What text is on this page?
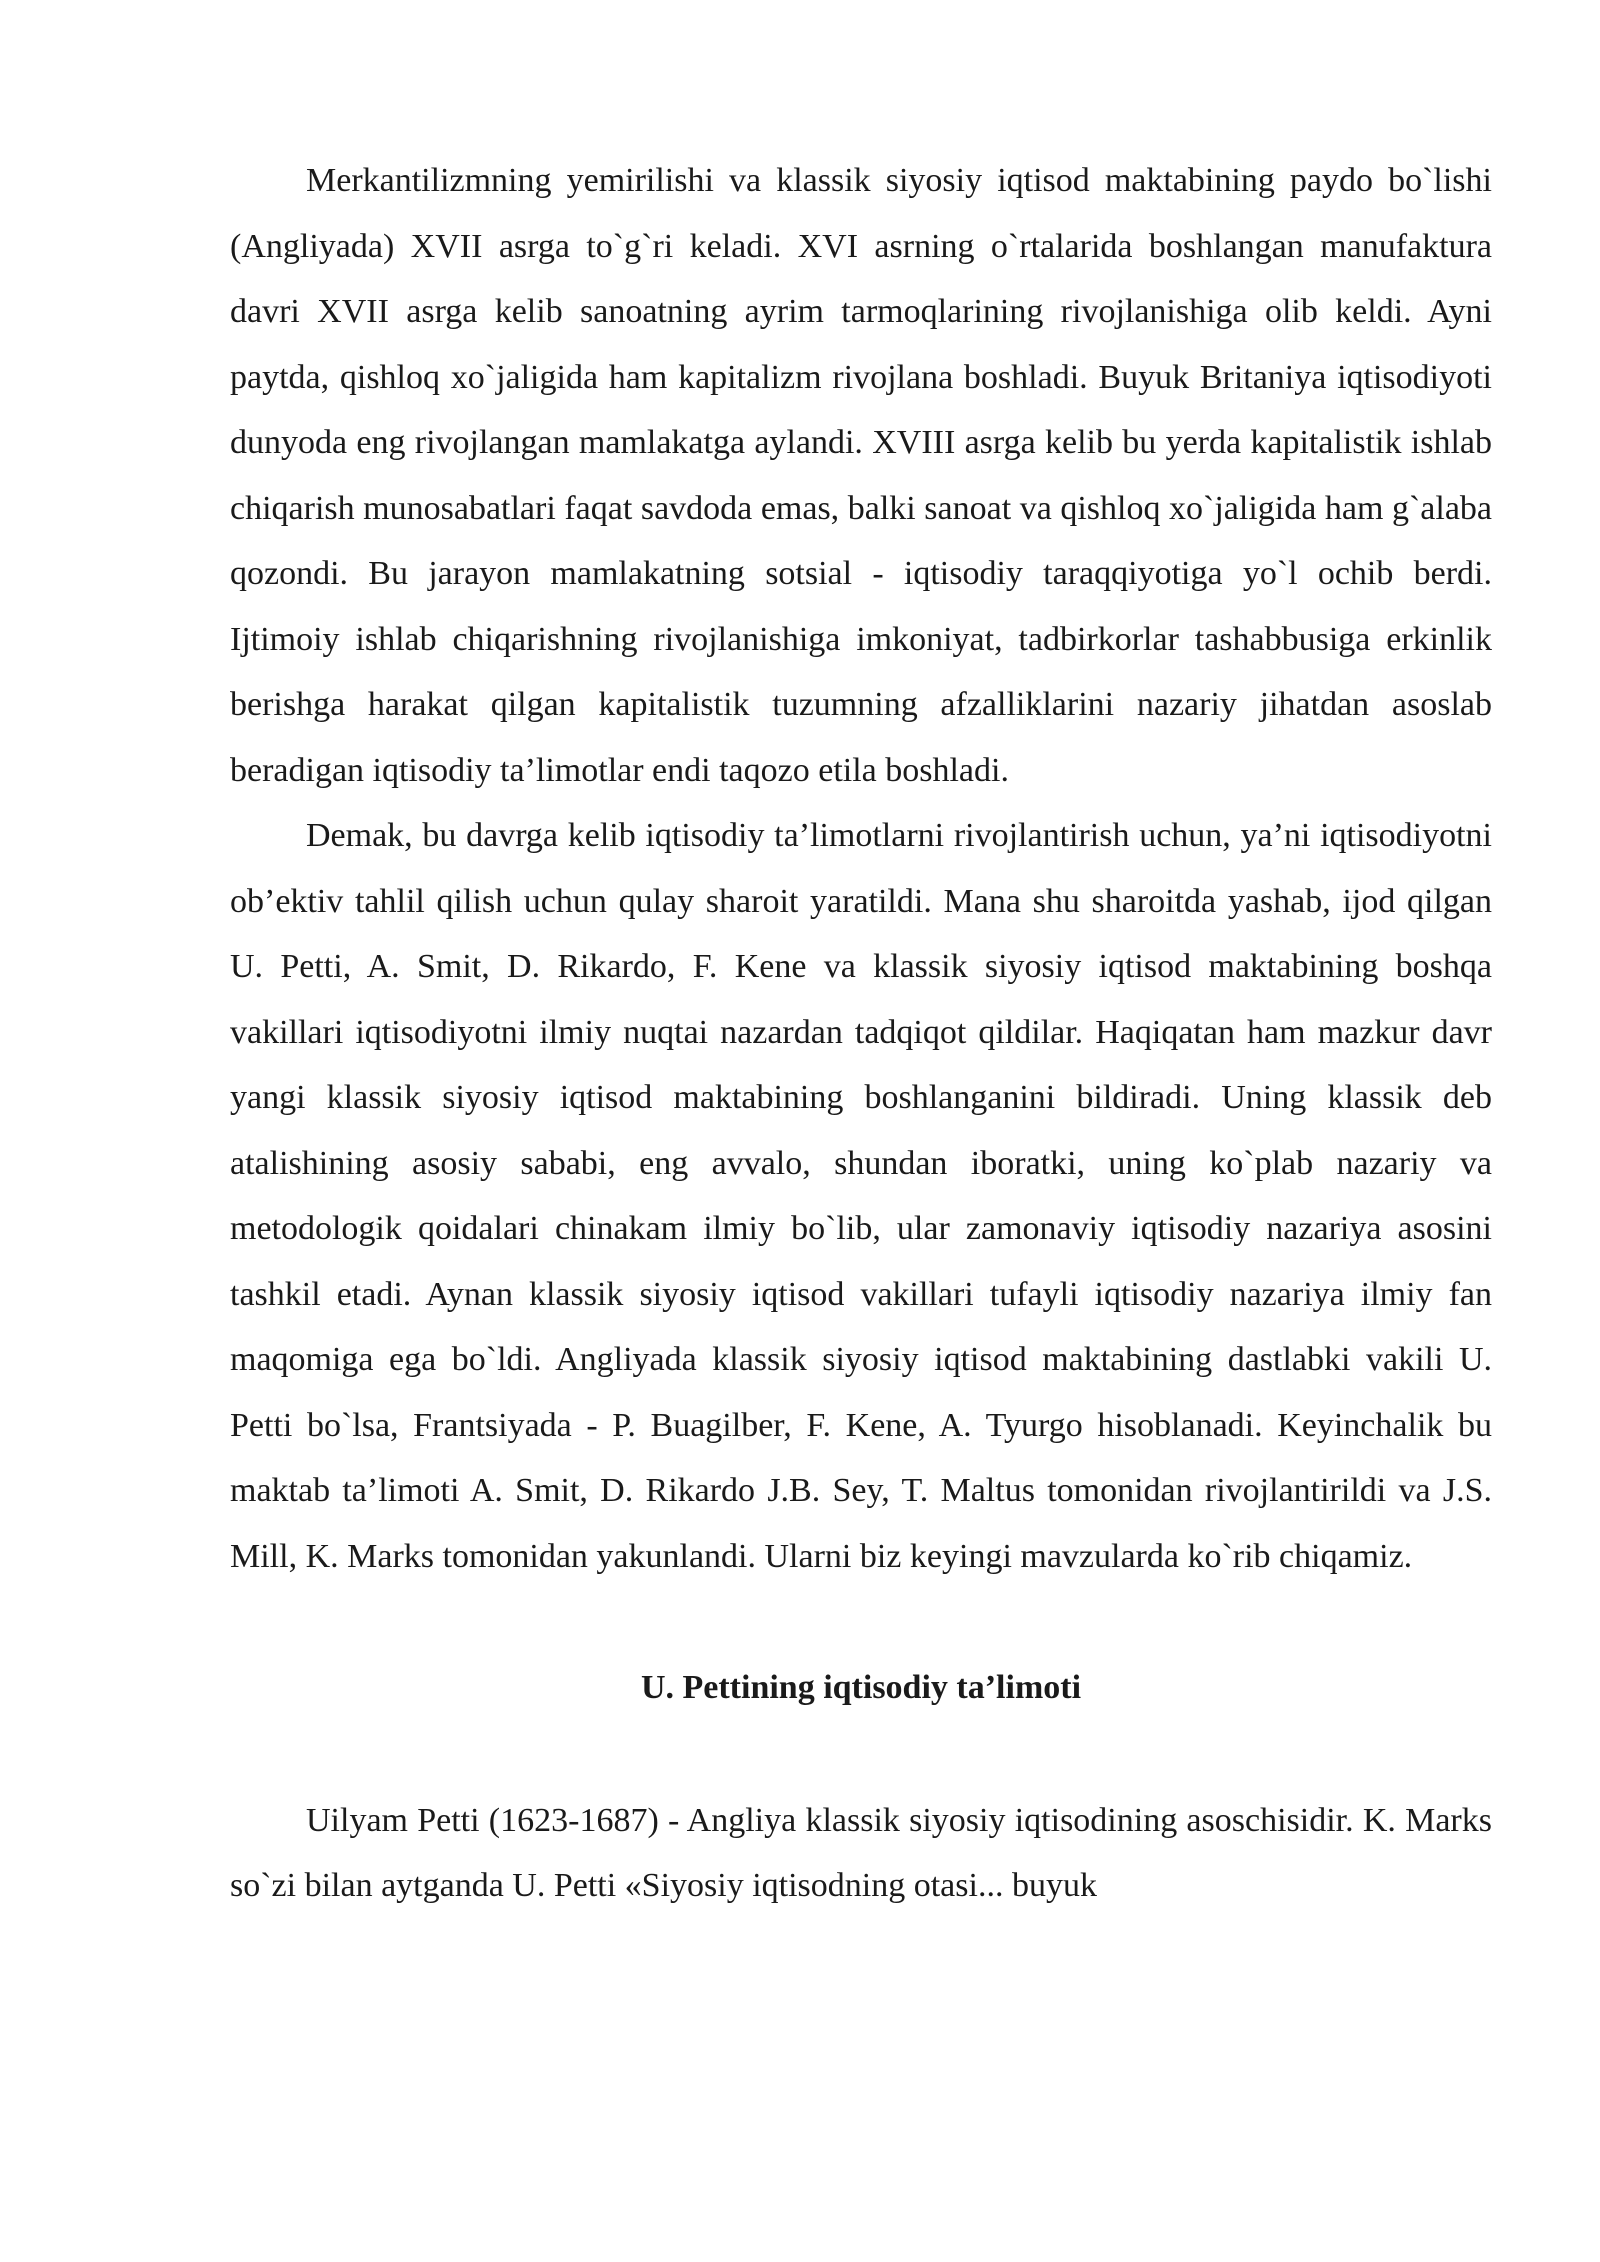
Merkantilizmning yemirilishi va klassik siyosiy iqtisod maktabining paydo bo`lishi (Angliyada) XVII asrga to`g`ri keladi. XVI asrning o`rtalarida boshlangan manufaktura davri XVII asrga kelib sanoatning ayrim tarmoqlarining rivojlanishiga olib keldi. Ayni paytda, qishloq xo`jaligida ham kapitalizm rivojlana boshladi. Buyuk Britaniya iqtisodiyoti dunyoda eng rivojlangan mamlakatga aylandi. XVIII asrga kelib bu yerda kapitalistik ishlab chiqarish munosabatlari faqat savdoda emas, balki sanoat va qishloq xo`jaligida ham g`alaba qozondi. Bu jarayon mamlakatning sotsial - iqtisodiy taraqqiyotiga yo`l ochib berdi. Ijtimoiy ishlab chiqarishning rivojlanishiga imkoniyat, tadbirkorlar tashabbusiga erkinlik berishga harakat qilgan kapitalistik tuzumning afzalliklarini nazariy jihatdan asoslab beradigan iqtisodiy ta’limotlar endi taqozo etila boshladi.

Demak, bu davrga kelib iqtisodiy ta’limotlarni rivojlantirish uchun, ya’ni iqtisodiyotni ob’ektiv tahlil qilish uchun qulay sharoit yaratildi. Mana shu sharoitda yashab, ijod qilgan U. Petti, A. Smit, D. Rikardo, F. Kene va klassik siyosiy iqtisod maktabining boshqa vakillari iqtisodiyotni ilmiy nuqtai nazardan tadqiqot qildilar. Haqiqatan ham mazkur davr yangi klassik siyosiy iqtisod maktabining boshlanganini bildiradi. Uning klassik deb atalishining asosiy sababi, eng avvalo, shundan iboratki, uning ko`plab nazariy va metodologik qoidalari chinakam ilmiy bo`lib, ular zamonaviy iqtisodiy nazariya asosini tashkil etadi. Aynan klassik siyosiy iqtisod vakillari tufayli iqtisodiy nazariya ilmiy fan maqomiga ega bo`ldi. Angliyada klassik siyosiy iqtisod maktabining dastlabki vakili U. Petti bo`lsa, Frantsiyada - P. Buagilber, F. Kene, A. Tyurgo hisoblanadi. Keyinchalik bu maktab ta’limoti A. Smit, D. Rikardo J.B. Sey, T. Maltus tomonidan rivojlantirildi va J.S. Mill, K. Marks tomonidan yakunlandi. Ularni biz keyingi mavzularda ko`rib chiqamiz.

U. Pettining iqtisodiy ta’limoti

Uilyam Petti (1623-1687) - Angliya klassik siyosiy iqtisodining asoschisidir. K. Marks so`zi bilan aytganda U. Petti «Siyosiy iqtisodning otasi... buyuk
